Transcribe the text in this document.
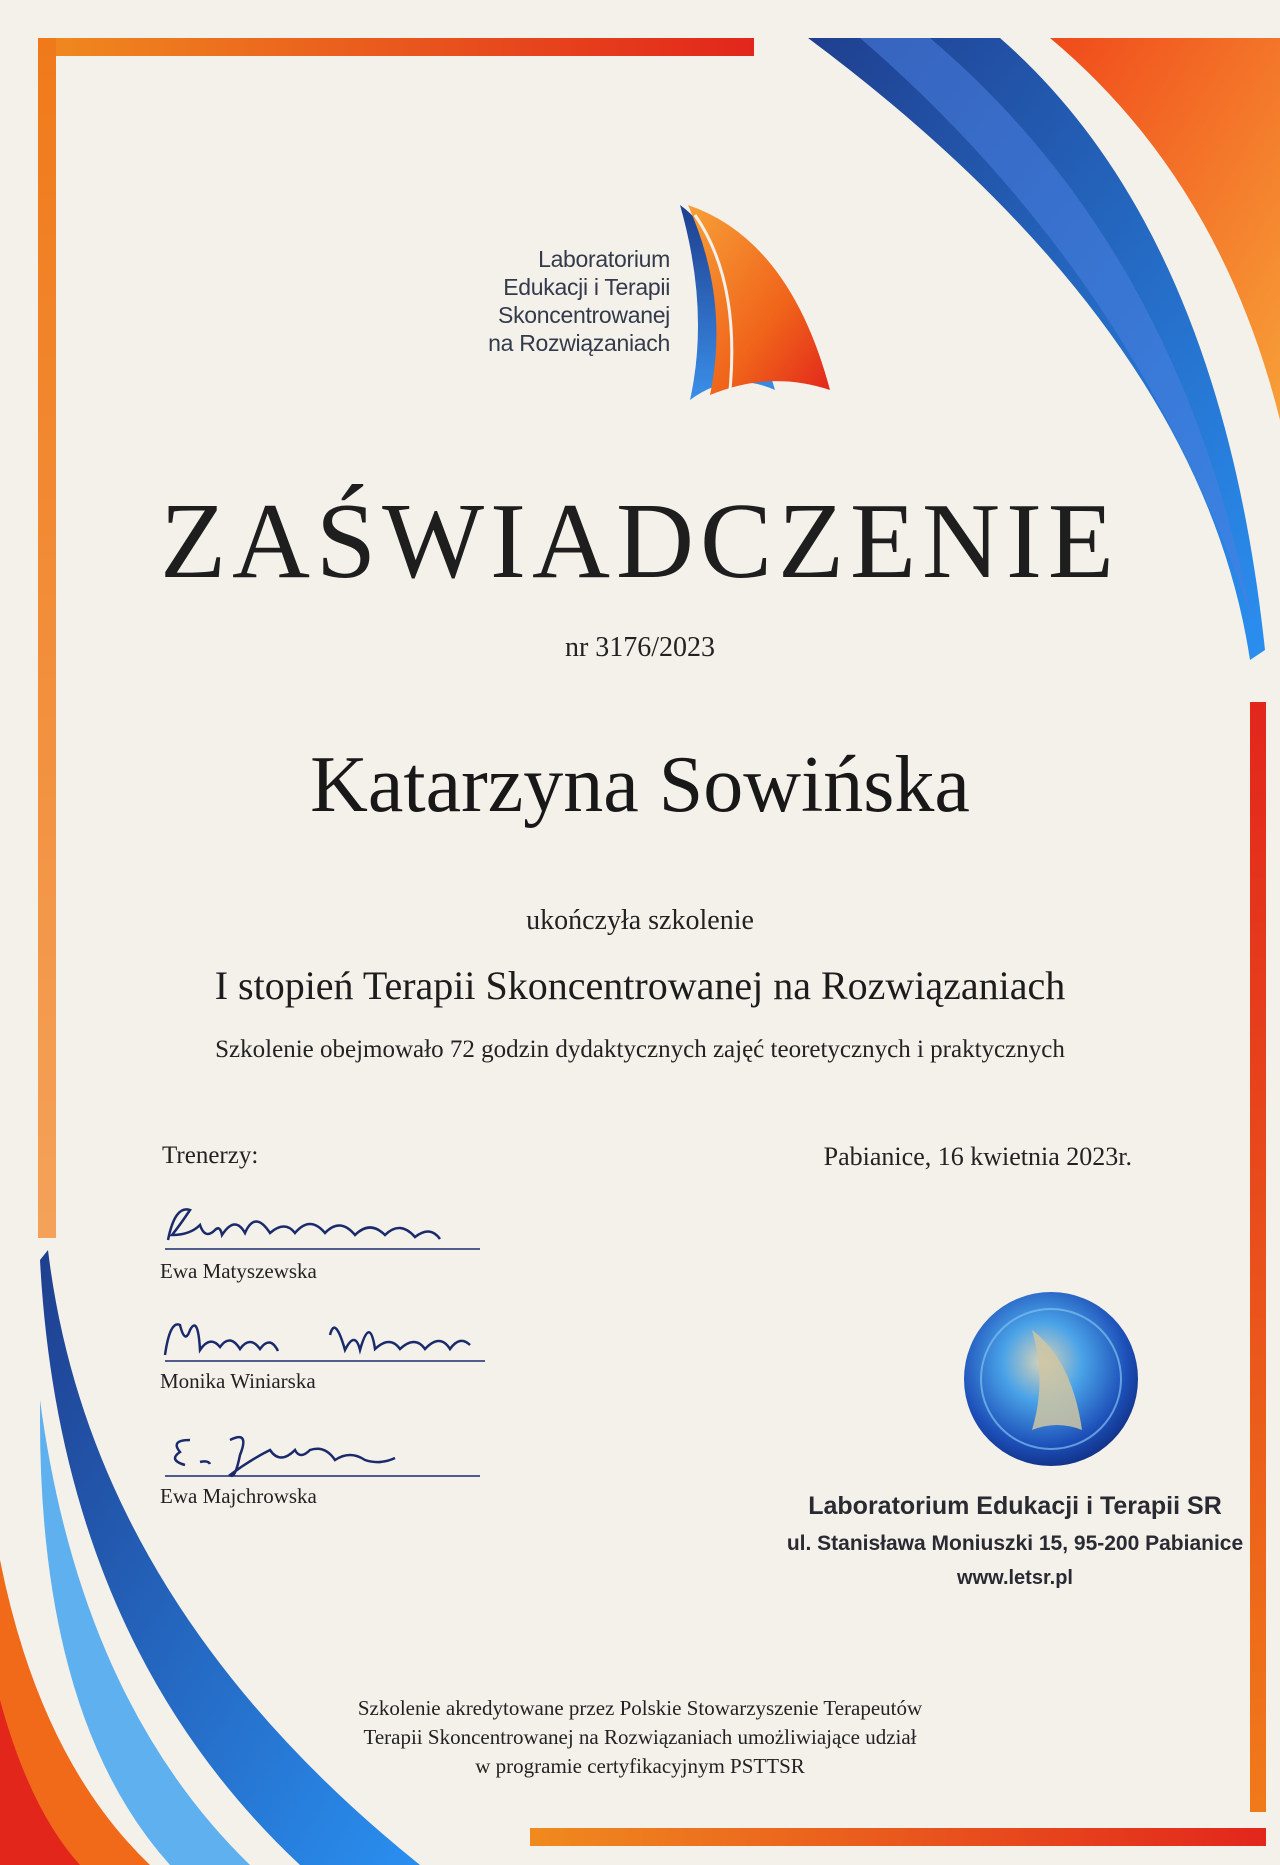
Laboratorium
Edukacji i Terapii
Skoncentrowanej
na Rozwiązaniach
ZAŚWIADCZENIE
nr 3176/2023
Katarzyna Sowińska
ukończyła szkolenie
I stopień Terapii Skoncentrowanej na Rozwiązaniach
Szkolenie obejmowało 72 godzin dydaktycznych zajęć teoretycznych i praktycznych
Trenerzy:	Pabianice, 16 kwietnia 2023r.
Ewa Matyszewska
Monika Winiarska
Ewa Majchrowska	Laboratorium Edukacji i Terapii SR
ul. Stanisława Moniuszki 15, 95-200 Pabianice
www.letsr.pl
Szkolenie akredytowane przez Polskie Stowarzyszenie Terapeutów
Terapii Skoncentrowanej na Rozwiązaniach umożliwiające udział
w programie certyfikacyjnym PSTTSR
